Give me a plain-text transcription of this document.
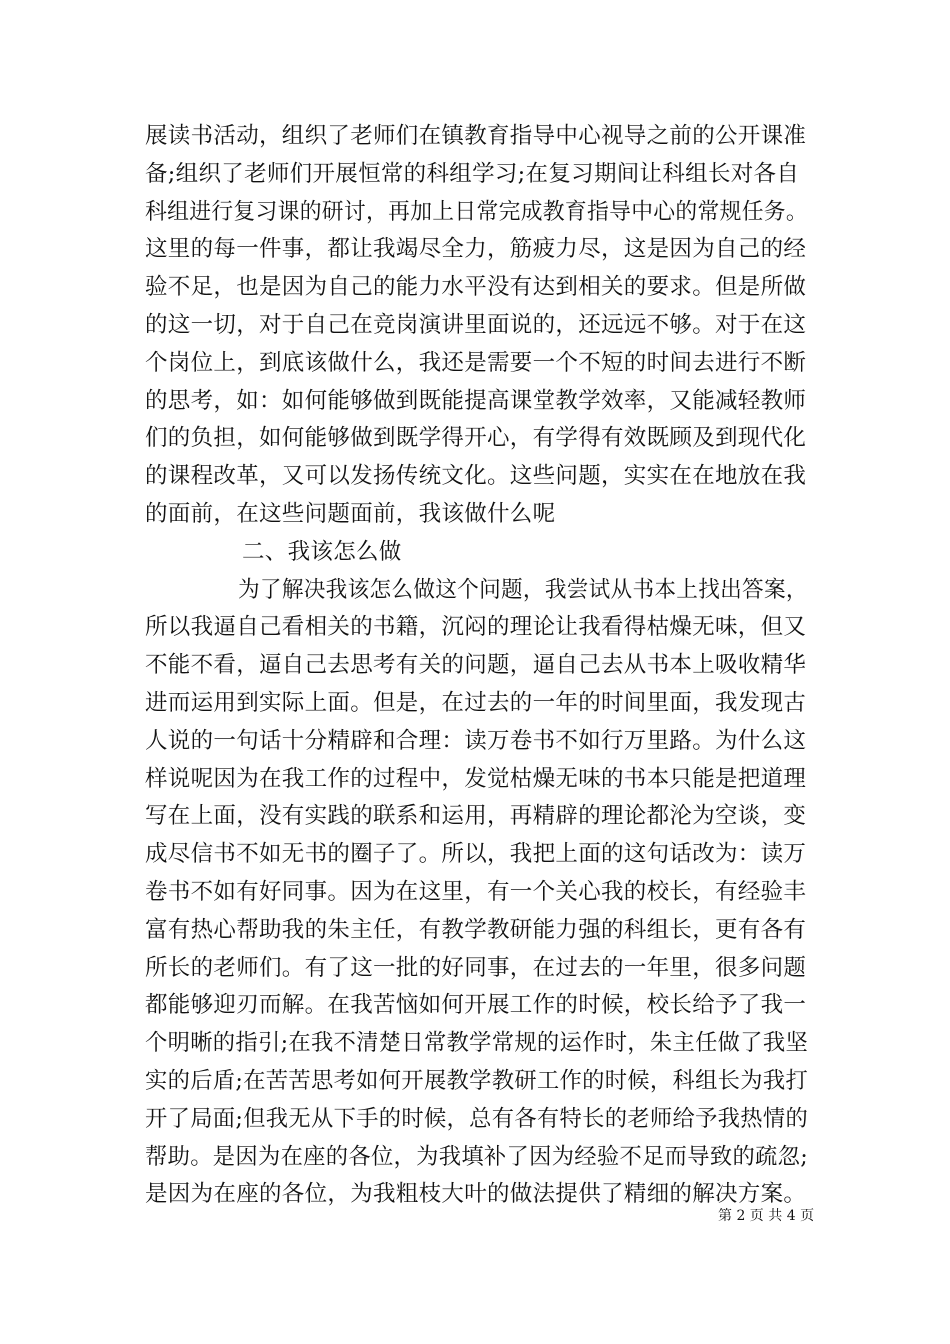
展读书活动，组织了老师们在镇教育指导中心视导之前的公开课准
备;组织了老师们开展恒常的科组学习;在复习期间让科组长对各自
科组进行复习课的研讨，再加上日常完成教育指导中心的常规任务。
这里的每一件事，都让我竭尽全力，筋疲力尽，这是因为自己的经
验不足，也是因为自己的能力水平没有达到相关的要求。但是所做
的这一切，对于自己在竞岗演讲里面说的，还远远不够。对于在这
个岗位上，到底该做什么，我还是需要一个不短的时间去进行不断
的思考，如：如何能够做到既能提高课堂教学效率，又能减轻教师
们的负担，如何能够做到既学得开心，有学得有效既顾及到现代化
的课程改革，又可以发扬传统文化。这些问题，实实在在地放在我
的面前，在这些问题面前，我该做什么呢
二、我该怎么做
为了解决我该怎么做这个问题，我尝试从书本上找出答案，
所以我逼自己看相关的书籍，沉闷的理论让我看得枯燥无味，但又
不能不看，逼自己去思考有关的问题，逼自己去从书本上吸收精华
进而运用到实际上面。但是，在过去的一年的时间里面，我发现古
人说的一句话十分精辟和合理：读万卷书不如行万里路。为什么这
样说呢因为在我工作的过程中，发觉枯燥无味的书本只能是把道理
写在上面，没有实践的联系和运用，再精辟的理论都沦为空谈，变
成尽信书不如无书的圈子了。所以，我把上面的这句话改为：读万
卷书不如有好同事。因为在这里，有一个关心我的校长，有经验丰
富有热心帮助我的朱主任，有教学教研能力强的科组长，更有各有
所长的老师们。有了这一批的好同事，在过去的一年里，很多问题
都能够迎刃而解。在我苦恼如何开展工作的时候，校长给予了我一
个明晰的指引;在我不清楚日常教学常规的运作时，朱主任做了我坚
实的后盾;在苦苦思考如何开展教学教研工作的时候，科组长为我打
开了局面;但我无从下手的时候，总有各有特长的老师给予我热情的
帮助。是因为在座的各位，为我填补了因为经验不足而导致的疏忽;
是因为在座的各位，为我粗枝大叶的做法提供了精细的解决方案。
第 2 页 共 4 页
